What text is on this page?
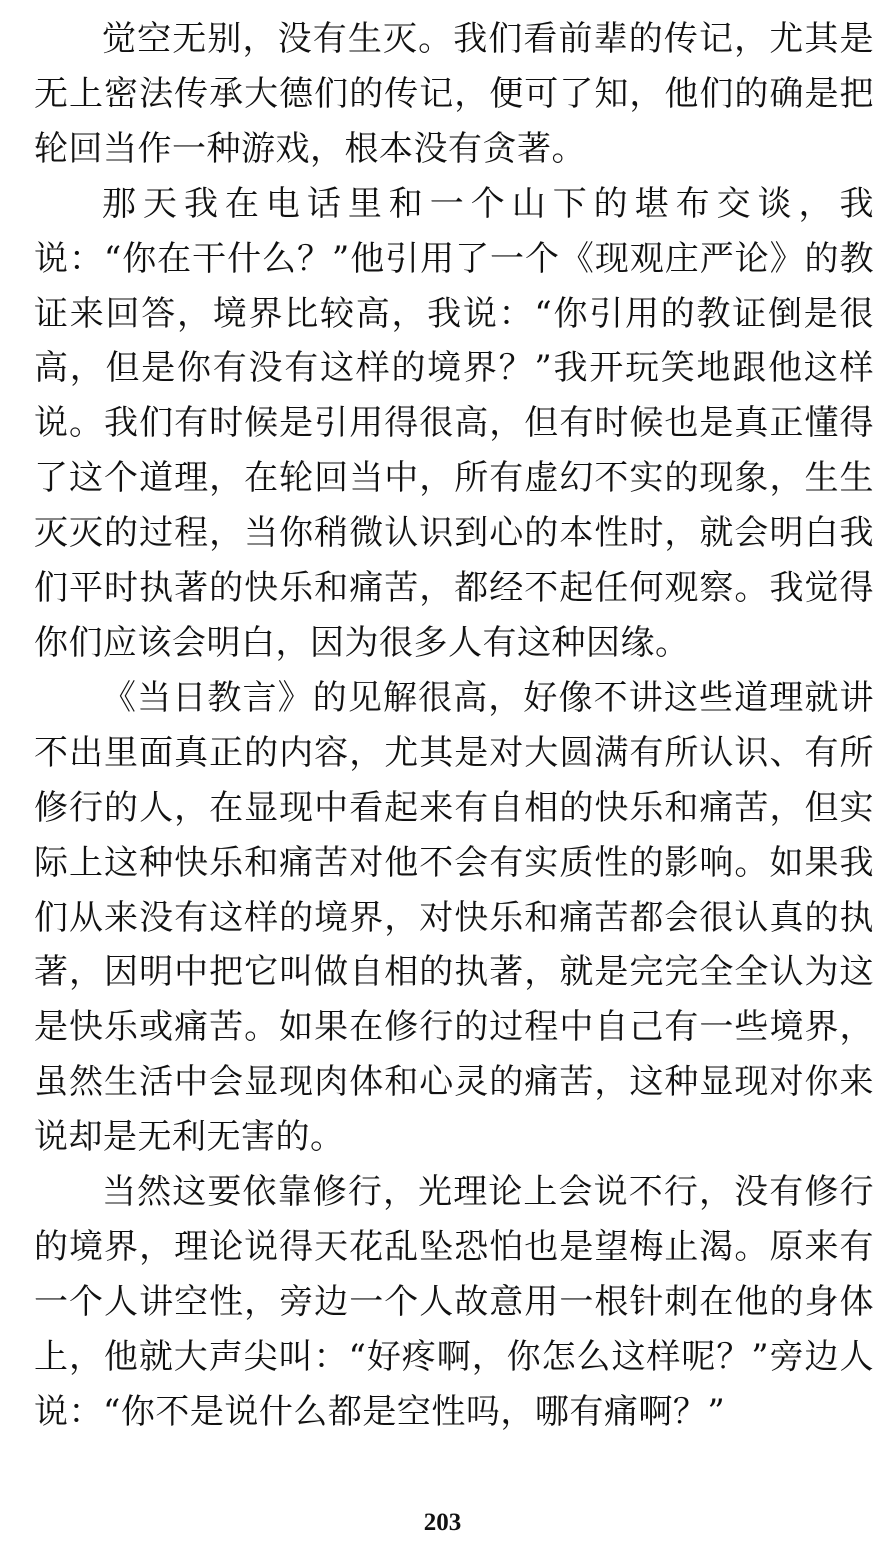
觉空无别，没有生灭。我们看前辈的传记，尤其是无上密法传承大德们的传记，便可了知，他们的确是把轮回当作一种游戏，根本没有贪著。

那天我在电话里和一个山下的堪布交谈，我说：“你在干什么？”他引用了一个《现观庄严论》的教证来回答，境界比较高，我说：“你引用的教证倒是很高，但是你有没有这样的境界？”我开玩笑地跟他这样说。我们有时候是引用得很高，但有时候也是真正懂得了这个道理，在轮回当中，所有虚幻不实的现象，生生灭灭的过程，当你稍微认识到心的本性时，就会明白我们平时执著的快乐和痛苦，都经不起任何观察。我觉得你们应该会明白，因为很多人有这种因缘。

《当日教言》的见解很高，好像不讲这些道理就讲不出里面真正的内容，尤其是对大圆满有所认识、有所修行的人，在显现中看起来有自相的快乐和痛苦，但实际上这种快乐和痛苦对他不会有实质性的影响。如果我们从来没有这样的境界，对快乐和痛苦都会很认真的执著，因明中把它叫做自相的执著，就是完完全全认为这是快乐或痛苦。如果在修行的过程中自己有一些境界，虽然生活中会显现肉体和心灵的痛苦，这种显现对你来说却是无利无害的。

当然这要依靠修行，光理论上会说不行，没有修行的境界，理论说得天花乱坠恐怕也是望梅止渴。原来有一个人讲空性，旁边一个人故意用一根针刺在他的身体上，他就大声尖叫：“好疼啊，你怎么这样呢？”旁边人说：“你不是说什么都是空性吗，哪有痛啊？”

203
